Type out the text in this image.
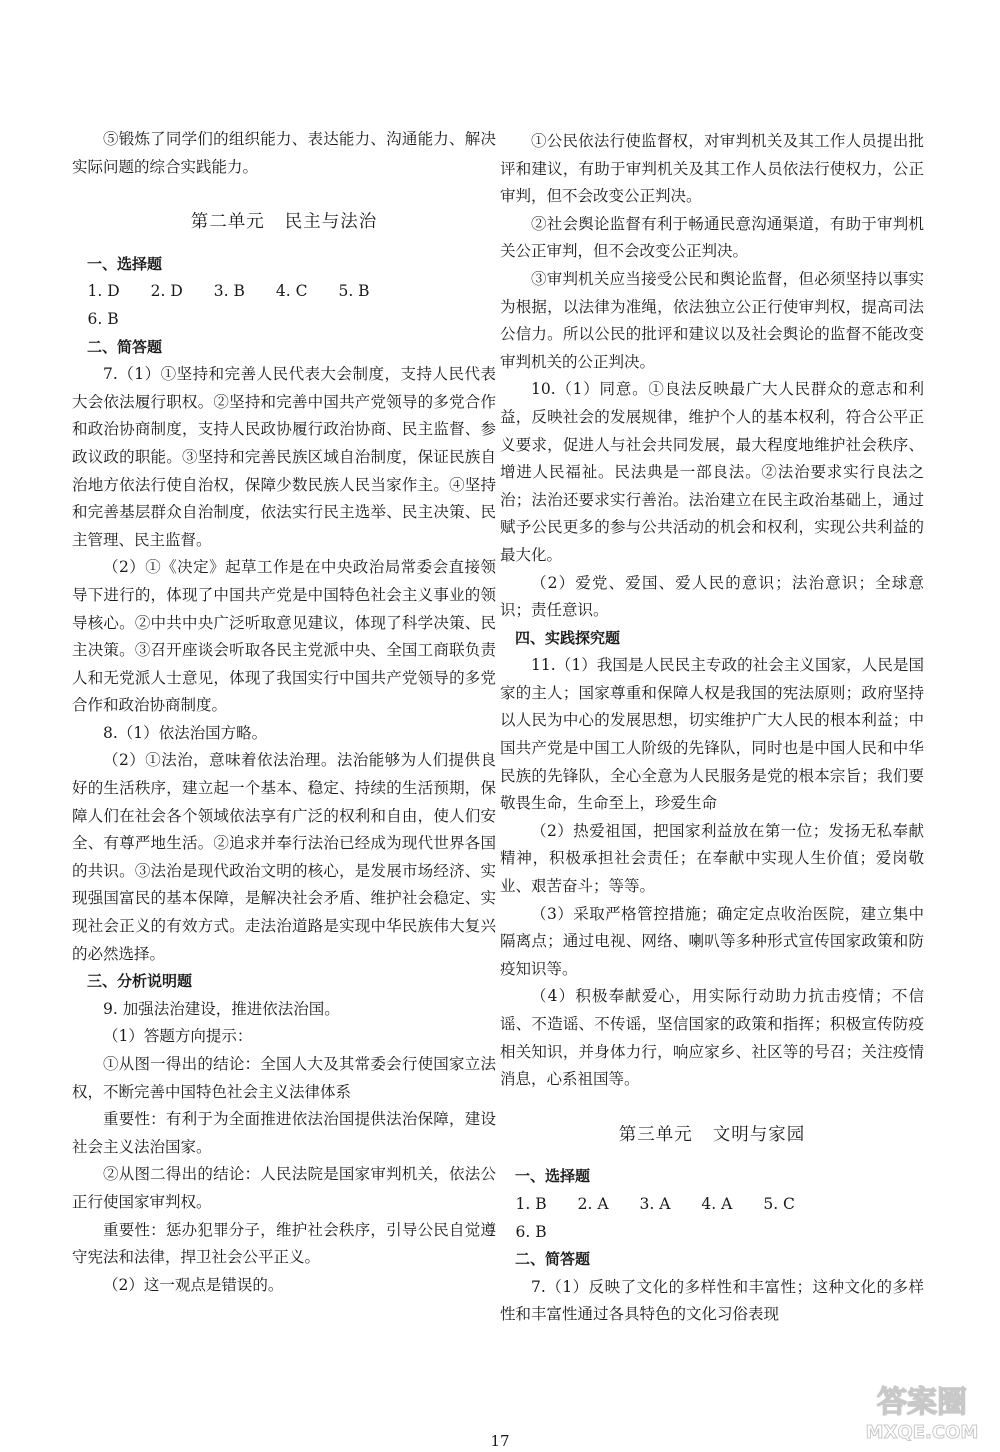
⑤锻炼了同学们的组织能力、表达能力、沟通能力、解决实际问题的综合实践能力。

第二单元 民主与法治

一、选择题

1. D　　2. D　　3. B　　4. C　　5. B

6. B

二、简答题

7.（1）①坚持和完善人民代表大会制度，支持人民代表大会依法履行职权。②坚持和完善中国共产党领导的多党合作和政治协商制度，支持人民政协履行政治协商、民主监督、参政议政的职能。③坚持和完善民族区域自治制度，保证民族自治地方依法行使自治权，保障少数民族人民当家作主。④坚持和完善基层群众自治制度，依法实行民主选举、民主决策、民主管理、民主监督。

（2）①《决定》起草工作是在中央政治局常委会直接领导下进行的，体现了中国共产党是中国特色社会主义事业的领导核心。②中共中央广泛听取意见建议，体现了科学决策、民主决策。③召开座谈会听取各民主党派中央、全国工商联负责人和无党派人士意见，体现了我国实行中国共产党领导的多党合作和政治协商制度。

8.（1）依法治国方略。

（2）①法治，意味着依法治理。法治能够为人们提供良好的生活秩序，建立起一个基本、稳定、持续的生活预期，保障人们在社会各个领域依法享有广泛的权利和自由，使人们安全、有尊严地生活。②追求并奉行法治已经成为现代世界各国的共识。③法治是现代政治文明的核心，是发展市场经济、实现强国富民的基本保障，是解决社会矛盾、维护社会稳定、实现社会正义的有效方式。走法治道路是实现中华民族伟大复兴的必然选择。

三、分析说明题

9. 加强法治建设，推进依法治国。

（1）答题方向提示：

①从图一得出的结论：全国人大及其常委会行使国家立法权，不断完善中国特色社会主义法律体系

重要性：有利于为全面推进依法治国提供法治保障，建设社会主义法治国家。

②从图二得出的结论：人民法院是国家审判机关，依法公正行使国家审判权。

重要性：惩办犯罪分子，维护社会秩序，引导公民自觉遵守宪法和法律，捍卫社会公平正义。

（2）这一观点是错误的。

①公民依法行使监督权，对审判机关及其工作人员提出批评和建议，有助于审判机关及其工作人员依法行使权力，公正审判，但不会改变公正判决。

②社会舆论监督有利于畅通民意沟通渠道，有助于审判机关公正审判，但不会改变公正判决。

③审判机关应当接受公民和舆论监督，但必须坚持以事实为根据，以法律为准绳，依法独立公正行使审判权，提高司法公信力。所以公民的批评和建议以及社会舆论的监督不能改变审判机关的公正判决。

10.（1）同意。①良法反映最广大人民群众的意志和利益，反映社会的发展规律，维护个人的基本权利，符合公平正义要求，促进人与社会共同发展，最大程度地维护社会秩序、增进人民福祉。民法典是一部良法。②法治要求实行良法之治；法治还要求实行善治。法治建立在民主政治基础上，通过赋予公民更多的参与公共活动的机会和权利，实现公共利益的最大化。

（2）爱党、爱国、爱人民的意识；法治意识；全球意识；责任意识。

四、实践探究题

11.（1）我国是人民民主专政的社会主义国家，人民是国家的主人；国家尊重和保障人权是我国的宪法原则；政府坚持以人民为中心的发展思想，切实维护广大人民的根本利益；中国共产党是中国工人阶级的先锋队，同时也是中国人民和中华民族的先锋队，全心全意为人民服务是党的根本宗旨；我们要敬畏生命，生命至上，珍爱生命

（2）热爱祖国，把国家利益放在第一位；发扬无私奉献精神，积极承担社会责任；在奉献中实现人生价值；爱岗敬业、艰苦奋斗；等等。

（3）采取严格管控措施；确定定点收治医院，建立集中隔离点；通过电视、网络、喇叭等多种形式宣传国家政策和防疫知识等。

（4）积极奉献爱心，用实际行动助力抗击疫情；不信谣、不造谣、不传谣，坚信国家的政策和指挥；积极宣传防疫相关知识，并身体力行，响应家乡、社区等的号召；关注疫情消息，心系祖国等。

第三单元 文明与家园

一、选择题

1. B　　2. A　　3. A　　4. A　　5. C

6. B

二、简答题

7.（1）反映了文化的多样性和丰富性；这种文化的多样性和丰富性通过各具特色的文化习俗表现

17
答案圈
MXQE.COM
